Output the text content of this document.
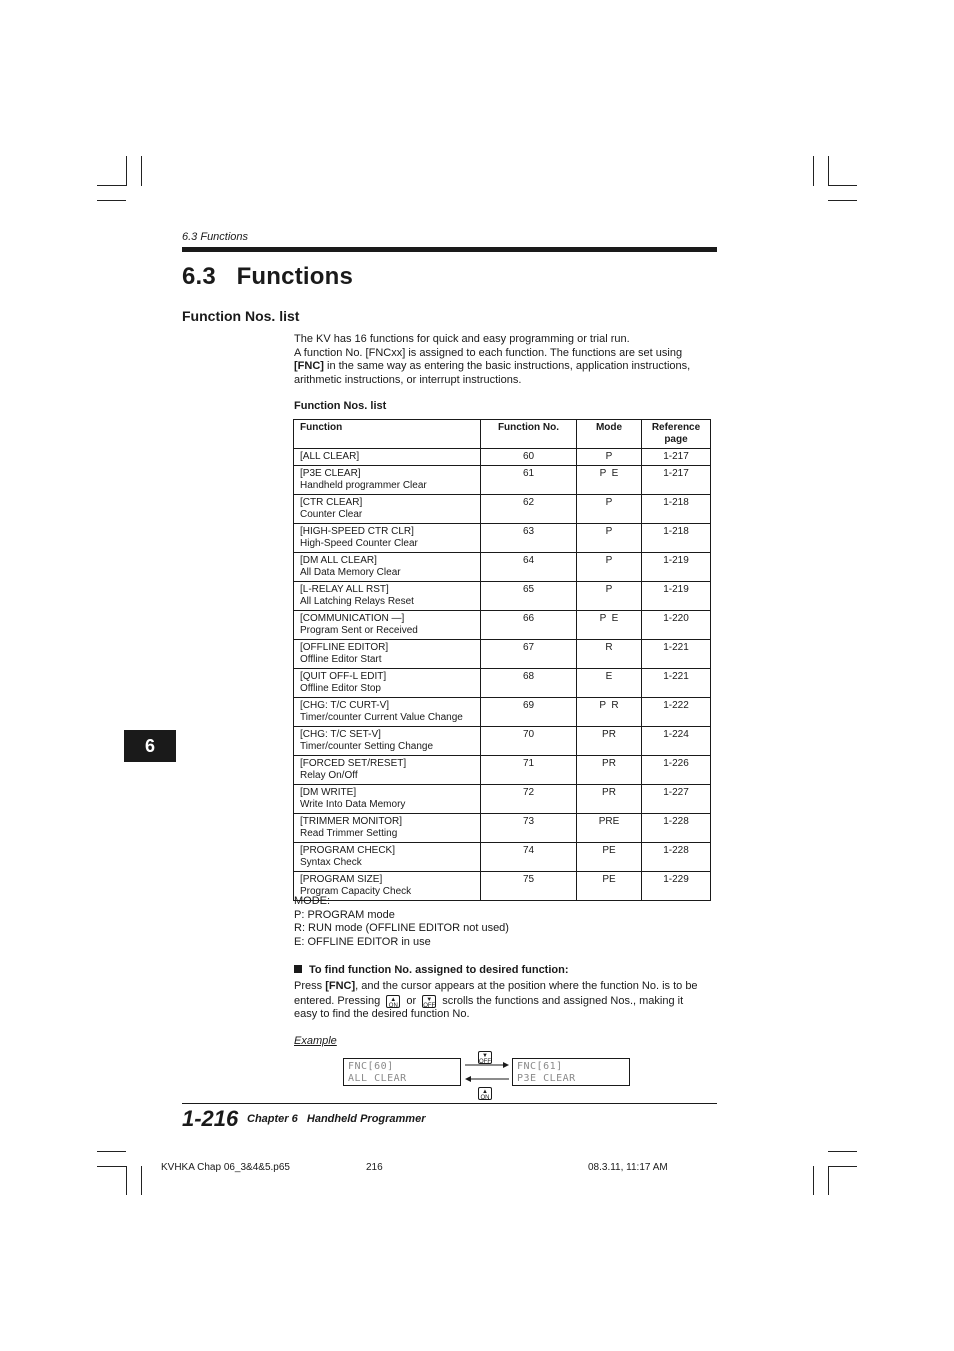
6.3 Functions
6.3   Functions
Function Nos. list
The KV has 16 functions for quick and easy programming or trial run.
A function No. [FNCxx] is assigned to each function. The functions are set using
[FNC] in the same way as entering the basic instructions, application instructions,
arithmetic instructions, or interrupt instructions.
Function Nos. list
Function	Function No.	Mode	Reference page

[ALL CLEAR]	60	P	1-217

[P3E CLEAR]
Handheld programmer Clear	61	P  E	1-217

[CTR CLEAR]
Counter Clear	62	P	1-218

[HIGH-SPEED CTR CLR]
High-Speed Counter Clear	63	P	1-218

[DM ALL CLEAR]
All Data Memory Clear	64	P	1-219

[L-RELAY ALL RST]
All Latching Relays Reset	65	P	1-219

[COMMUNICATION —]
Program Sent or Received	66	P  E	1-220

[OFFLINE EDITOR]
Offline Editor Start	67	R	1-221

[QUIT OFF-L EDIT]
Offline Editor Stop	68	E	1-221

[CHG: T/C CURT-V]
Timer/counter Current Value Change	69	P  R	1-222

[CHG: T/C SET-V]
Timer/counter Setting Change	70	PR	1-224

[FORCED SET/RESET]
Relay On/Off	71	PR	1-226

[DM WRITE]
Write Into Data Memory	72	PR	1-227

[TRIMMER MONITOR]
Read Trimmer Setting	73	PRE	1-228

[PROGRAM CHECK]
Syntax Check	74	PE	1-228

[PROGRAM SIZE]
Program Capacity Check	75	PE	1-229
MODE:
P: PROGRAM mode
R: RUN mode (OFFLINE EDITOR not used)
E: OFFLINE EDITOR in use
To find function No. assigned to desired function:
Press [FNC], and the cursor appears at the position where the function No. is to be
entered. Pressing ▲
ON or ▼
OFF scrolls the functions and assigned Nos., making it
easy to find the desired function No.
Example
FNC[60]
ALL CLEAR
FNC[61]
P3E CLEAR
▼
OFF
▲
ON
6
1-216 Chapter 6   Handheld Programmer
KVHKA Chap 06_3&4&5.p65	216	08.3.11, 11:17 AM
